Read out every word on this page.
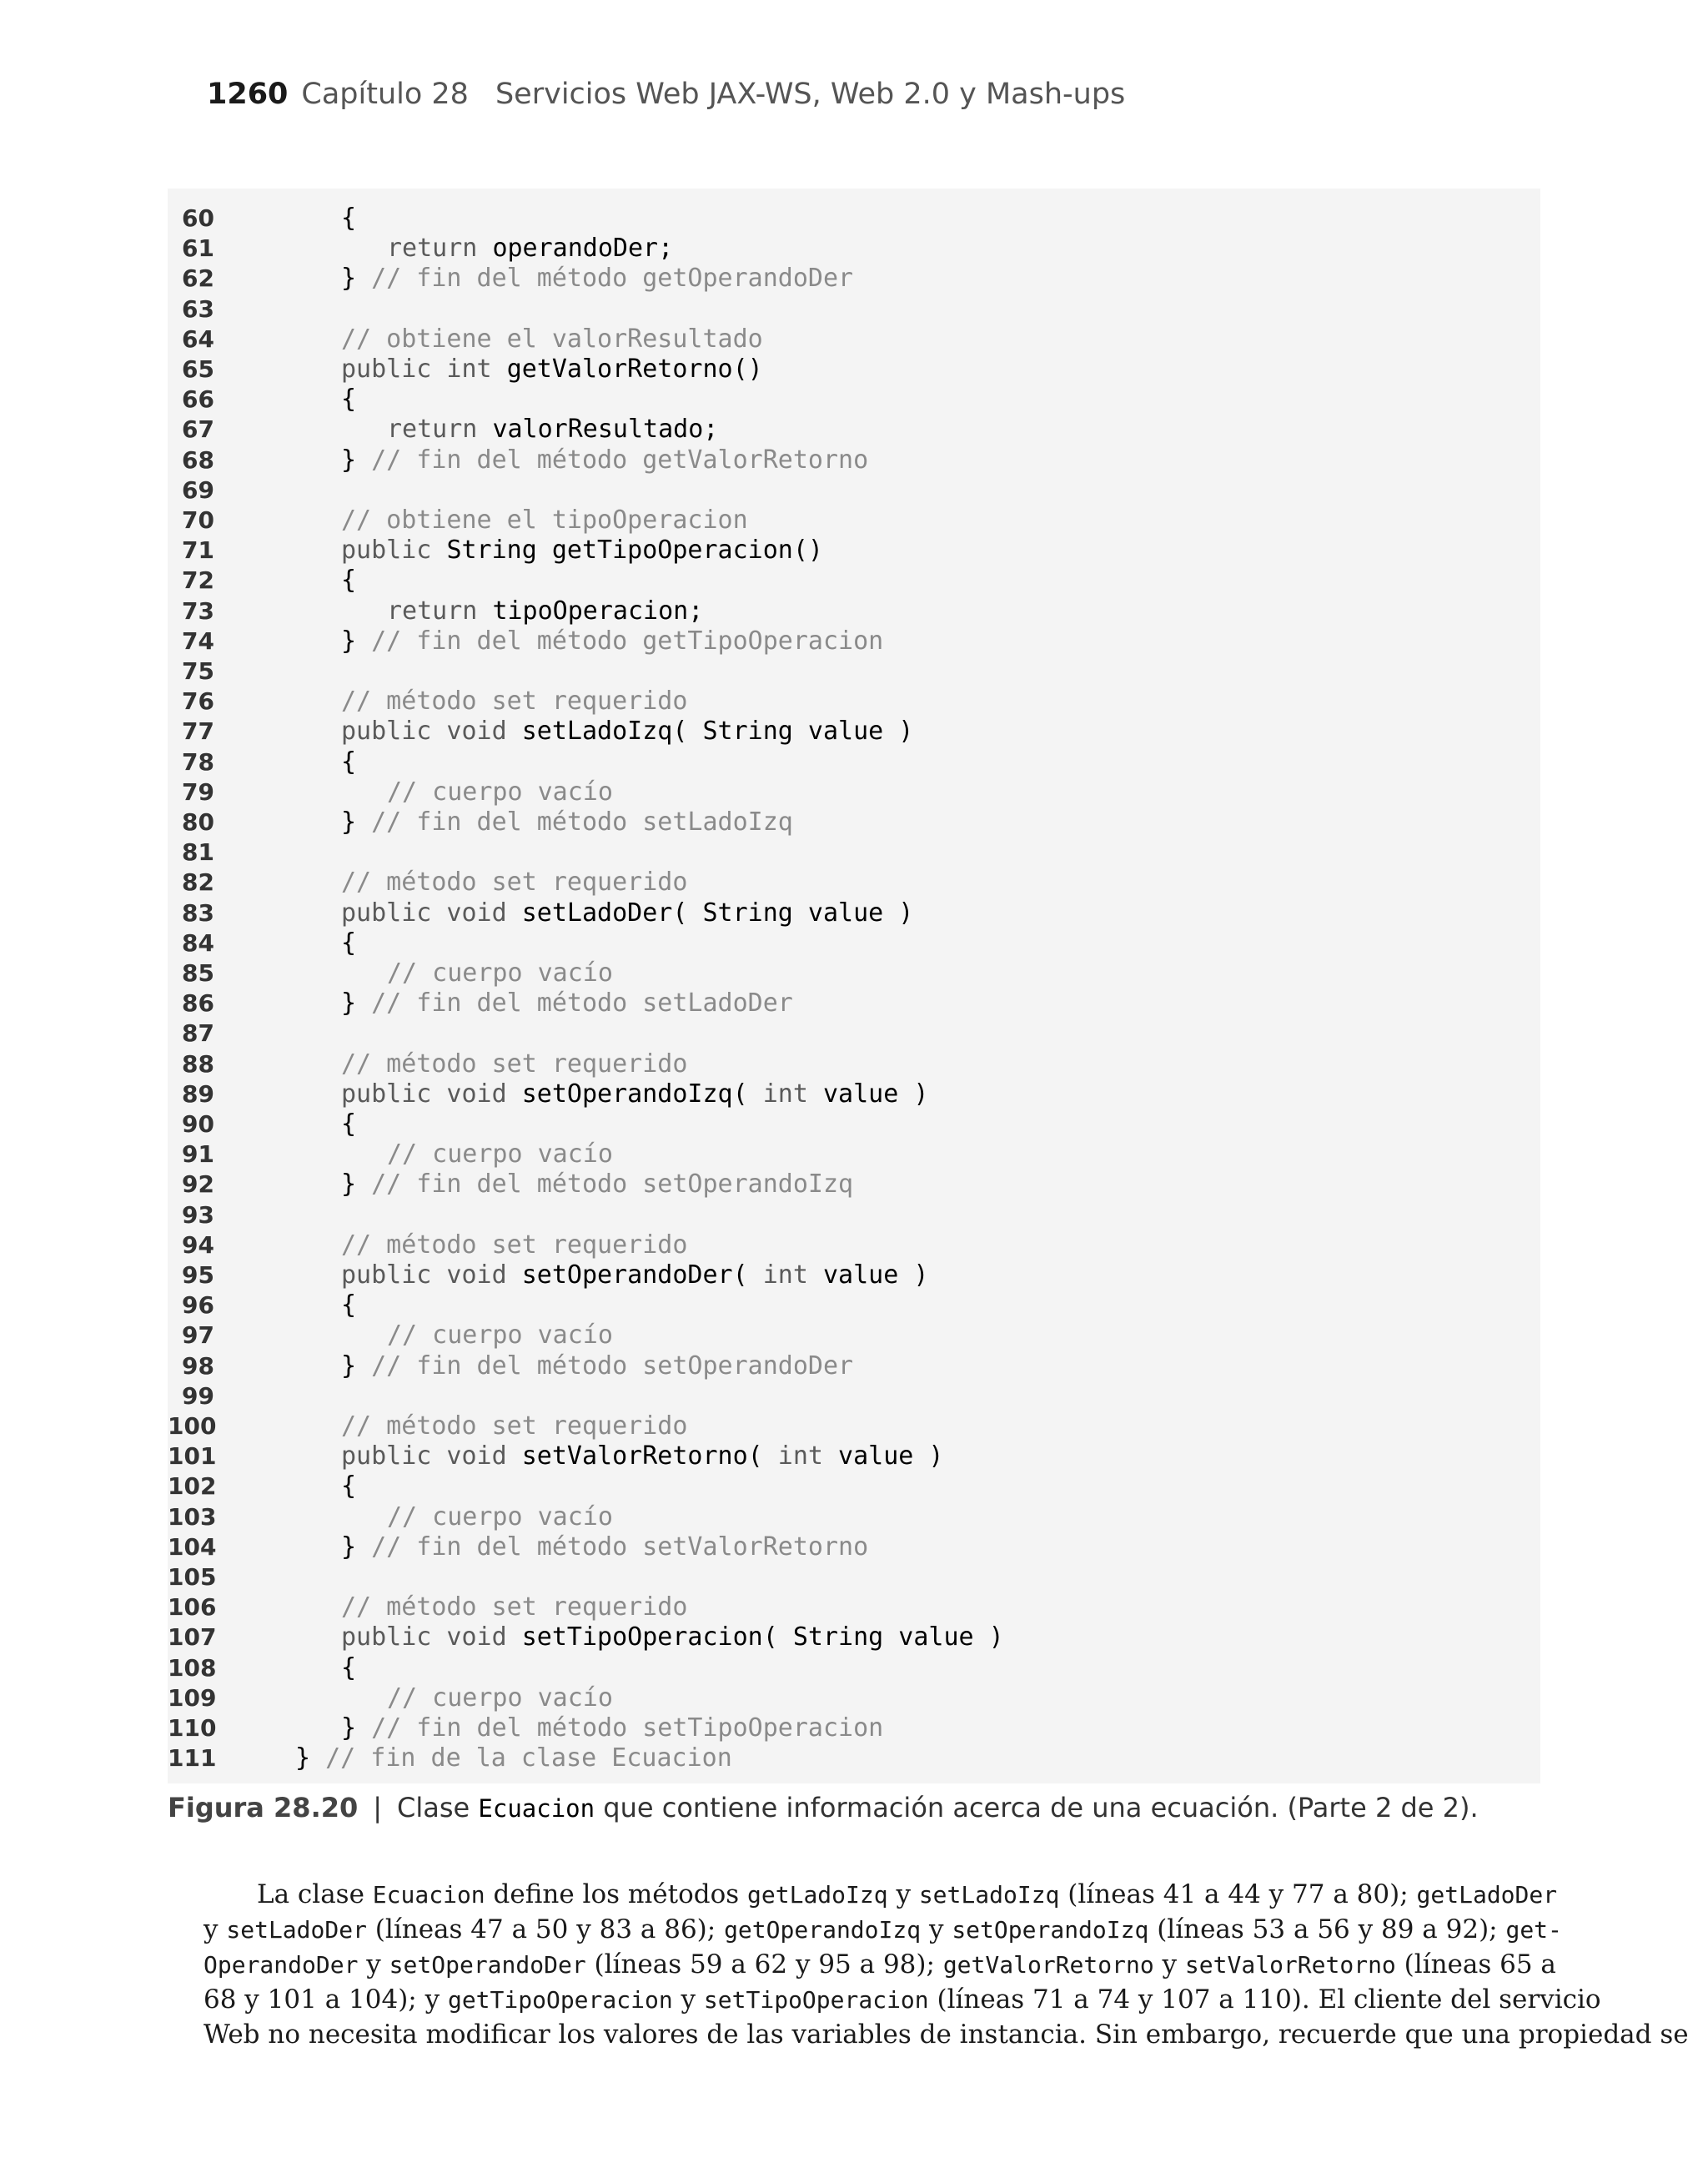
1260 Capítulo 28 Servicios Web JAX-WS, Web 2.0 y Mash-ups
60	{
61	return operandoDer;
62	} // fin del método getOperandoDer
63
64	// obtiene el valorResultado
65	public int getValorRetorno()
66	{
67	return valorResultado;
68	} // fin del método getValorRetorno
69
70	// obtiene el tipoOperacion
71	public String getTipoOperacion()
72	{
73	return tipoOperacion;
74	} // fin del método getTipoOperacion
75
76	// método set requerido
77	public void setLadoIzq( String value )
78	{
79	// cuerpo vacío
80	} // fin del método setLadoIzq
81
82	// método set requerido
83	public void setLadoDer( String value )
84	{
85	// cuerpo vacío
86	} // fin del método setLadoDer
87
88	// método set requerido
89	public void setOperandoIzq( int value )
90	{
91	// cuerpo vacío
92	} // fin del método setOperandoIzq
93
94	// método set requerido
95	public void setOperandoDer( int value )
96	{
97	// cuerpo vacío
98	} // fin del método setOperandoDer
99
100	// método set requerido
101	public void setValorRetorno( int value )
102	{
103	// cuerpo vacío
104	} // fin del método setValorRetorno
105
106	// método set requerido
107	public void setTipoOperacion( String value )
108	{
109	// cuerpo vacío
110	} // fin del método setTipoOperacion
111	} // fin de la clase Ecuacion
Figura 28.20 | Clase Ecuacion que contiene información acerca de una ecuación. (Parte 2 de 2).
La clase Ecuacion define los métodos getLadoIzq y setLadoIzq (líneas 41 a 44 y 77 a 80); getLadoDer
y setLadoDer (líneas 47 a 50 y 83 a 86); getOperandoIzq y setOperandoIzq (líneas 53 a 56 y 89 a 92); get-
OperandoDer y setOperandoDer (líneas 59 a 62 y 95 a 98); getValorRetorno y setValorRetorno (líneas 65 a
68 y 101 a 104); y getTipoOperacion y setTipoOperacion (líneas 71 a 74 y 107 a 110). El cliente del servicio
Web no necesita modificar los valores de las variables de instancia. Sin embargo, recuerde que una propiedad se
